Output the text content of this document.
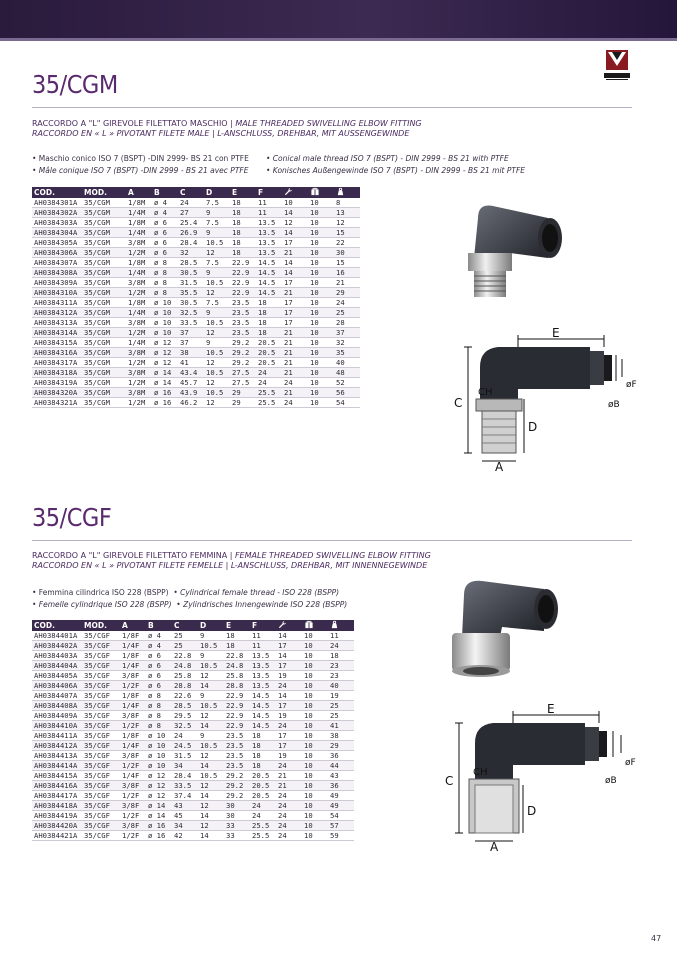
35/CGM
RACCORDO A "L" GIREVOLE FILETTATO MASCHIO | MALE THREADED SWIVELLING ELBOW FITTING
RACCORDO EN « L » PIVOTANT FILETE MALE | L-ANSCHLUSS, DREHBAR, MIT AUSSENGEWINDE
• Maschio conico ISO 7 (BSPT) -DIN 2999- BS 21 con PTFE
• Mâle conique ISO 7 (BSPT) -DIN 2999 - BS 21 avec PTFE
• Conical male thread ISO 7 (BSPT) - DIN 2999 - BS 21 with PTFE
• Konisches Außengewinde ISO 7 (BSPT) - DIN 2999 - BS 21 mit PTFE
COD.	MOD.	A	B	C	D	E	F			
AH0384301A	35/CGM	1/8M	ø 4	24	7.5	18	11	10	10	8
AH0384302A	35/CGM	1/4M	ø 4	27	9	18	11	14	10	13
AH0384303A	35/CGM	1/8M	ø 6	25.4	7.5	18	13.5	12	10	12
AH0384304A	35/CGM	1/4M	ø 6	26.9	9	18	13.5	14	10	15
AH0384305A	35/CGM	3/8M	ø 6	28.4	10.5	18	13.5	17	10	22
AH0384306A	35/CGM	1/2M	ø 6	32	12	18	13.5	21	10	30
AH0384307A	35/CGM	1/8M	ø 8	28.5	7.5	22.9	14.5	14	10	15
AH0384308A	35/CGM	1/4M	ø 8	30.5	9	22.9	14.5	14	10	16
AH0384309A	35/CGM	3/8M	ø 8	31.5	10.5	22.9	14.5	17	10	21
AH0384310A	35/CGM	1/2M	ø 8	35.5	12	22.9	14.5	21	10	29
AH0384311A	35/CGM	1/8M	ø 10	30.5	7.5	23.5	18	17	10	24
AH0384312A	35/CGM	1/4M	ø 10	32.5	9	23.5	18	17	10	25
AH0384313A	35/CGM	3/8M	ø 10	33.5	10.5	23.5	18	17	10	28
AH0384314A	35/CGM	1/2M	ø 10	37	12	23.5	18	21	10	37
AH0384315A	35/CGM	1/4M	ø 12	37	9	29.2	20.5	21	10	32
AH0384316A	35/CGM	3/8M	ø 12	38	10.5	29.2	20.5	21	10	35
AH0384317A	35/CGM	1/2M	ø 12	41	12	29.2	20.5	21	10	40
AH0384318A	35/CGM	3/8M	ø 14	43.4	10.5	27.5	24	21	10	48
AH0384319A	35/CGM	1/2M	ø 14	45.7	12	27.5	24	24	10	52
AH0384320A	35/CGM	3/8M	ø 16	43.9	10.5	29	25.5	21	10	56
AH0384321A	35/CGM	1/2M	ø 16	46.2	12	29	25.5	24	10	54
E
C
CH
D
A
øB
øF
35/CGF
RACCORDO A "L" GIREVOLE FILETTATO FEMMINA | FEMALE THREADED SWIVELLING ELBOW FITTING
RACCORDO EN « L » PIVOTANT FILETE FEMELLE | L-ANSCHLUSS, DREHBAR, MIT INNENNEGEWINDE
• Femmina cilindrica ISO 228 (BSPP) • Cylindrical female thread - ISO 228 (BSPP)
• Femelle cylindrique ISO 228 (BSPP) • Zylindrisches Innengewinde ISO 228 (BSPP)
COD.	MOD.	A	B	C	D	E	F			
AH0384401A	35/CGF	1/8F	ø 4	25	9	18	11	14	10	11
AH0384402A	35/CGF	1/4F	ø 4	25	10.5	18	11	17	10	24
AH0384403A	35/CGF	1/8F	ø 6	22.8	9	22.8	13.5	14	10	18
AH0384404A	35/CGF	1/4F	ø 6	24.8	10.5	24.8	13.5	17	10	23
AH0384405A	35/CGF	3/8F	ø 6	25.8	12	25.8	13.5	19	10	23
AH0384406A	35/CGF	1/2F	ø 6	28.8	14	28.8	13.5	24	10	40
AH0384407A	35/CGF	1/8F	ø 8	22.6	9	22.9	14.5	14	10	19
AH0384408A	35/CGF	1/4F	ø 8	28.5	10.5	22.9	14.5	17	10	25
AH0384409A	35/CGF	3/8F	ø 8	29.5	12	22.9	14.5	19	10	25
AH0384410A	35/CGF	1/2F	ø 8	32.5	14	22.9	14.5	24	10	41
AH0384411A	35/CGF	1/8F	ø 10	24	9	23.5	18	17	10	38
AH0384412A	35/CGF	1/4F	ø 10	24.5	10.5	23.5	18	17	10	29
AH0384413A	35/CGF	3/8F	ø 10	31.5	12	23.5	18	19	10	36
AH0384414A	35/CGF	1/2F	ø 10	34	14	23.5	18	24	10	44
AH0384415A	35/CGF	1/4F	ø 12	28.4	10.5	29.2	20.5	21	10	43
AH0384416A	35/CGF	3/8F	ø 12	33.5	12	29.2	20.5	21	10	36
AH0384417A	35/CGF	1/2F	ø 12	37.4	14	29.2	20.5	24	10	49
AH0384418A	35/CGF	3/8F	ø 14	43	12	30	24	24	10	49
AH0384419A	35/CGF	1/2F	ø 14	45	14	30	24	24	10	54
AH0384420A	35/CGF	3/8F	ø 16	34	12	33	25.5	24	10	57
AH0384421A	35/CGF	1/2F	ø 16	42	14	33	25.5	24	10	59
E
C
CH
D
A
øB
øF
47
